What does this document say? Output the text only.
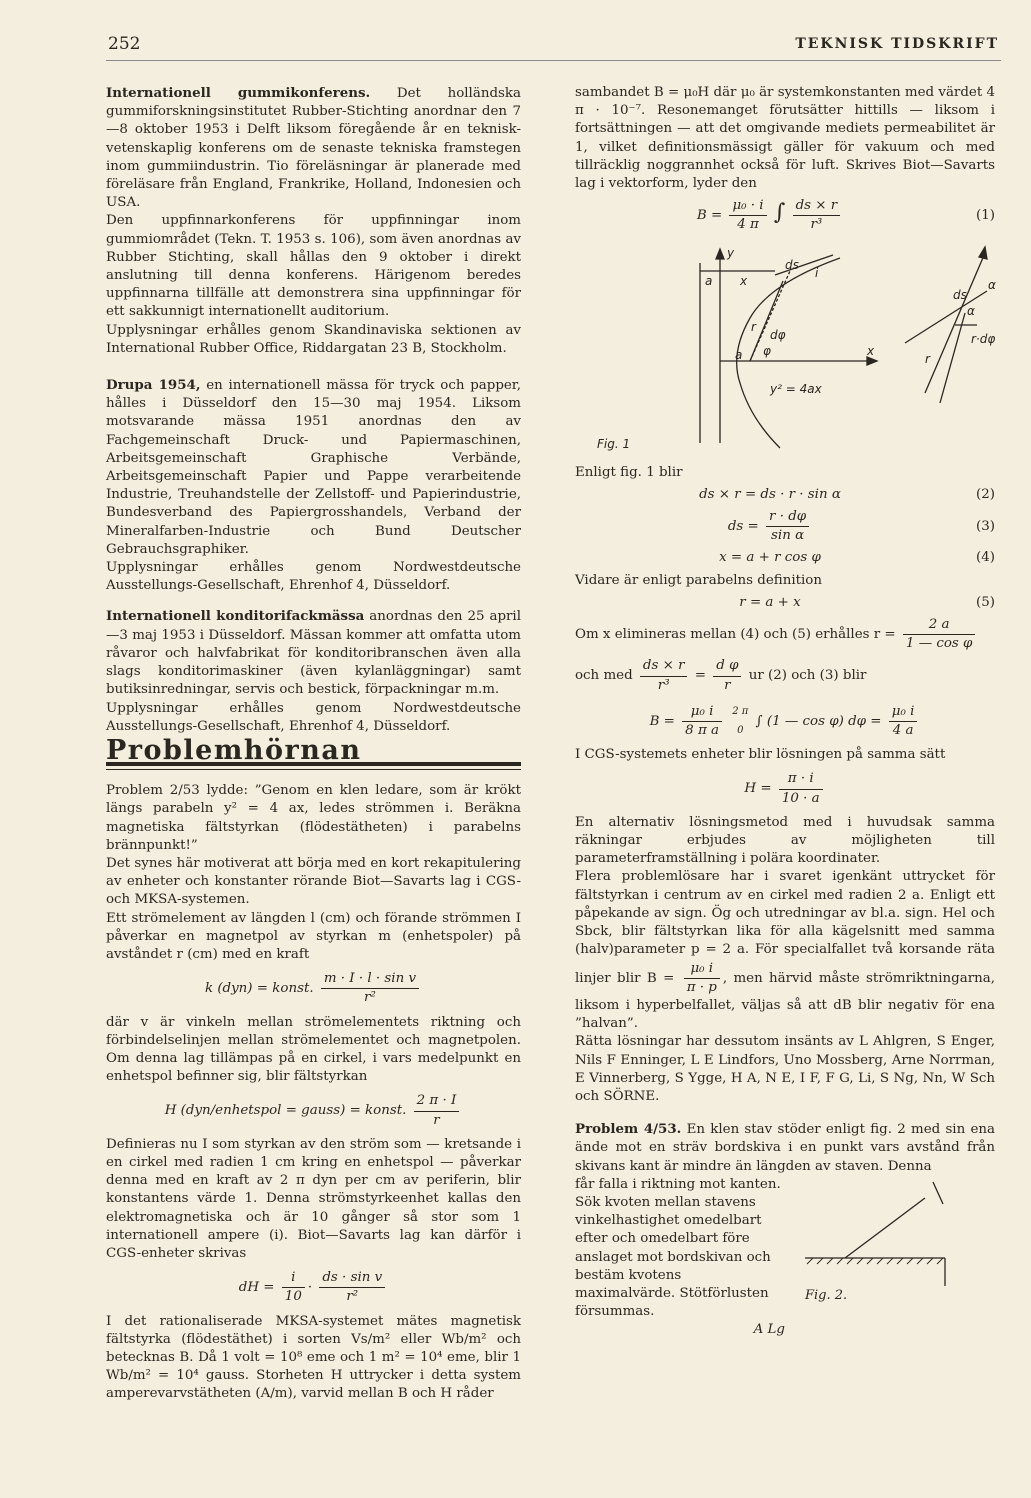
252	TEKNISK TIDSKRIFT

Internationell gummikonferens. Det holländska gummiforskningsinstitutet Rubber-Stichting anordnar den 7—8 oktober 1953 i Delft liksom föregående år en teknisk-vetenskaplig konferens om de senaste tekniska framstegen inom gummiindustrin. Tio föreläsningar är planerade med föreläsare från England, Frankrike, Holland, Indonesien och USA.

Den uppfinnarkonferens för uppfinningar inom gummiområdet (Tekn. T. 1953 s. 106), som även anordnas av Rubber Stichting, skall hållas den 9 oktober i direkt anslutning till denna konferens. Härigenom beredes uppfinnarna tillfälle att demonstrera sina uppfinningar för ett sakkunnigt internationellt auditorium.

Upplysningar erhålles genom Skandinaviska sektionen av International Rubber Office, Riddargatan 23 B, Stockholm.

Drupa 1954, en internationell mässa för tryck och papper, hålles i Düsseldorf den 15—30 maj 1954. Liksom motsvarande mässa 1951 anordnas den av Fachgemeinschaft Druck- und Papiermaschinen, Arbeitsgemeinschaft Graphische Verbände, Arbeitsgemeinschaft Papier und Pappe verarbeitende Industrie, Treuhandstelle der Zellstoff- und Papierindustrie, Bundesverband des Papiergrosshandels, Verband der Mineralfarben-Industrie och Bund Deutscher Gebrauchsgraphiker.

Upplysningar erhålles genom Nordwestdeutsche Ausstellungs-Gesellschaft, Ehrenhof 4, Düsseldorf.

Internationell konditorifackmässa anordnas den 25 april —3 maj 1953 i Düsseldorf. Mässan kommer att omfatta utom råvaror och halvfabrikat för konditoribranschen även alla slags konditorimaskiner (även kylanläggningar) samt butiksinredningar, servis och bestick, förpackningar m.m.

Upplysningar erhålles genom Nordwestdeutsche Ausstellungs-Gesellschaft, Ehrenhof 4, Düsseldorf.

Problemhörnan

Problem 2/53 lydde: ”Genom en klen ledare, som är krökt längs parabeln y² = 4 ax, ledes strömmen i. Beräkna magnetiska fältstyrkan (flödestätheten) i parabelns brännpunkt!”

Det synes här motiverat att börja med en kort rekapitulering av enheter och konstanter rörande Biot—Savarts lag i CGS- och MKSA-systemen.

Ett strömelement av längden l (cm) och förande strömmen I påverkar en magnetpol av styrkan m (enhetspoler) på avståndet r (cm) med en kraft

k (dyn) = konst. $\frac{\text{m · I · l · sin v}}{\text{r²}}$

där v är vinkeln mellan strömelementets riktning och förbindelselinjen mellan strömelementet och magnetpolen. Om denna lag tillämpas på en cirkel, i vars medelpunkt en enhetspol befinner sig, blir fältstyrkan

H (dyn/enhetspol = gauss) = konst. $\frac{2 \pi \cdot I}{r}$

Definieras nu I som styrkan av den ström som — kretsande i en cirkel med radien 1 cm kring en enhetspol — påverkar denna med en kraft av 2 π dyn per cm av periferin, blir konstantens värde 1. Denna strömstyrkeenhet kallas den elektromagnetiska och är 10 gånger så stor som 1 internationell ampere (i). Biot—Savarts lag kan därför i CGS-enheter skrivas

dH = $\frac{i}{10} \cdot \frac{\text{ds · sin v}}{\text{r²}}$

I det rationaliserade MKSA-systemet mätes magnetisk fältstyrka (flödestäthet) i sorten Vs/m² eller Wb/m² och betecknas B. Då 1 volt = 10⁸ eme och 1 m² = 10⁴ eme, blir 1 Wb/m² = 10⁴ gauss. Storheten H uttrycker i detta system amperevarvstätheten (A/m), varvid mellan B och H råder

sambandet B = μ₀H där μ₀ är systemkonstanten med värdet 4 π · 10⁻⁷. Resonemanget förutsätter hittills — liksom i fortsättningen — att det omgivande mediets permeabilitet är 1, vilket definitionsmässigt gäller för vakuum och med tillräcklig noggrannhet också för luft. Skrives Biot—Savarts lag i vektorform, lyder den

$B = \frac{\text{μ₀ · i}}{4 \pi}$ ∫ $\frac{ds \times r}{\text{r³}}$	(1)
y
x
a x
ds
i
r
dφ
a φ
y² = 4ax
ds
α
α
r·dφ
r
Fig. 1

Enligt fig. 1 blir

ds × r = ds · r · sin α	(2)
ds = $\frac{r \cdot d\varphi}{\text{sin α}}$	(3)
x = a + r cos φ	(4)

Vidare är enligt parabelns definition

r = a + x	(5)

Om x elimineras mellan (4) och (5) erhålles $r = \frac{2 a}{\text{1 — cos φ}}$

och med $\frac{ds \times r}{\text{r³}} = \frac{\text{d φ}}{r}$ ur (2) och (3) blir

$B = \frac{\text{μ₀ i}}{\text{8 π a}} 2$ π
0 ∫ (1 — cos φ) $d\varphi = \frac{\text{μ₀ i}}{4 a}$

I CGS-systemets enheter blir lösningen på samma sätt

$H = \frac{\pi \cdot i}{10 \cdot a}$

En alternativ lösningsmetod med i huvudsak samma räkningar erbjudes av möjligheten till parameterframställning i polära koordinater.

Flera problemlösare har i svaret igenkänt uttrycket för fältstyrkan i centrum av en cirkel med radien 2 a. Enligt ett påpekande av sign. Ög och utredningar av bl.a. sign. Hel och Sbck, blir fältstyrkan lika för alla kägelsnitt med samma (halv)parameter p = 2 a. För specialfallet två korsande räta linjer blir $B = \frac{\text{μ₀ i}}{\pi \cdot p}$ , men härvid måste strömriktningarna, liksom i hyperbelfallet, väljas så att dB blir negativ för ena ”halvan”.

Rätta lösningar har dessutom insänts av L Ahlgren, S Enger, Nils F Enninger, L E Lindfors, Uno Mossberg, Arne Norrman, E Vinnerberg, S Ygge, H A, N E, I F, F G, Li, S Ng, Nn, W Sch och SÖRNE.

Problem 4/53. En klen stav stöder enligt fig. 2 med sin ena ände mot en sträv bordskiva i en punkt vars avstånd från skivans kant är mindre än längden av staven. Denna

får falla i riktning mot kanten. Sök kvoten mellan stavens vinkelhastighet omedelbart efter och omedelbart före anslaget mot bordskivan och bestäm kvotens maximalvärde. Stötförlusten försummas.

A Lg
Fig. 2.
